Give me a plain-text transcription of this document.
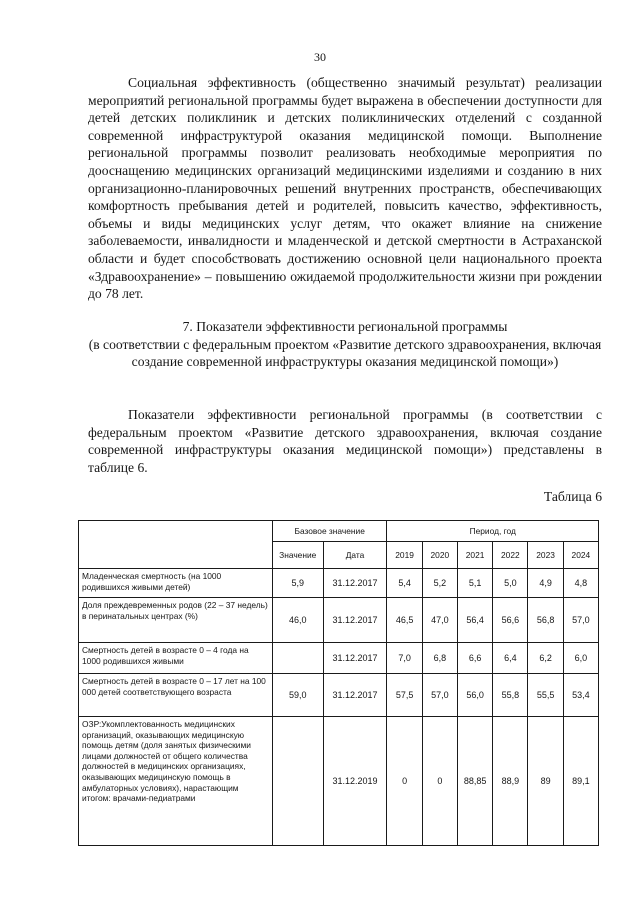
30

Социальная эффективность (общественно значимый результат) реализации мероприятий региональной программы будет выражена в обеспечении доступности для детей детских поликлиник и детских поликлинических отделений с созданной современной инфраструктурой оказания медицинской помощи. Выполнение региональной программы позволит реализовать необходимые мероприятия по дооснащению медицинских организаций медицинскими изделиями и созданию в них организационно-планировочных решений внутренних пространств, обеспечивающих комфортность пребывания детей и родителей, повысить качество, эффективность, объемы и виды медицинских услуг детям, что окажет влияние на снижение заболеваемости, инвалидности и младенческой и детской смертности в Астраханской области и будет способствовать достижению основной цели национального проекта «Здравоохранение» – повышению ожидаемой продолжительности жизни при рождении до 78 лет.

7. Показатели эффективности региональной программы
(в соответствии с федеральным проектом «Развитие детского здравоохранения, включая создание современной инфраструктуры оказания медицинской помощи»)

Показатели эффективности региональной программы (в соответствии с федеральным проектом «Развитие детского здравоохранения, включая создание современной инфраструктуры оказания медицинской помощи») представлены в таблице 6.

Таблица 6
	Базовое значение		Период, год					
	Значение	Дата	2019	2020	2021	2022	2023	2024
Младенческая смертность (на 1000 родившихся живыми детей)	5,9	31.12.2017	5,4	5,2	5,1	5,0	4,9	4,8
Доля преждевременных родов (22 – 37 недель) в перинатальных центрах (%)	46,0	31.12.2017	46,5	47,0	56,4	56,6	56,8	57,0
Смертность детей в возрасте 0 – 4 года на 1000 родившихся живыми		31.12.2017	7,0	6,8	6,6	6,4	6,2	6,0
Смертность детей в возрасте 0 – 17 лет на 100 000 детей соответствующего возраста	59,0	31.12.2017	57,5	57,0	56,0	55,8	55,5	53,4
ОЗР:Укомплектованность медицинских организаций, оказывающих медицинскую помощь детям (доля занятых физическими лицами должностей от общего количества должностей в медицинских организациях, оказывающих медицинскую помощь в амбулаторных условиях), нарастающим итогом: врачами-педиатрами		31.12.2019	0	0	88,85	88,9	89	89,1
